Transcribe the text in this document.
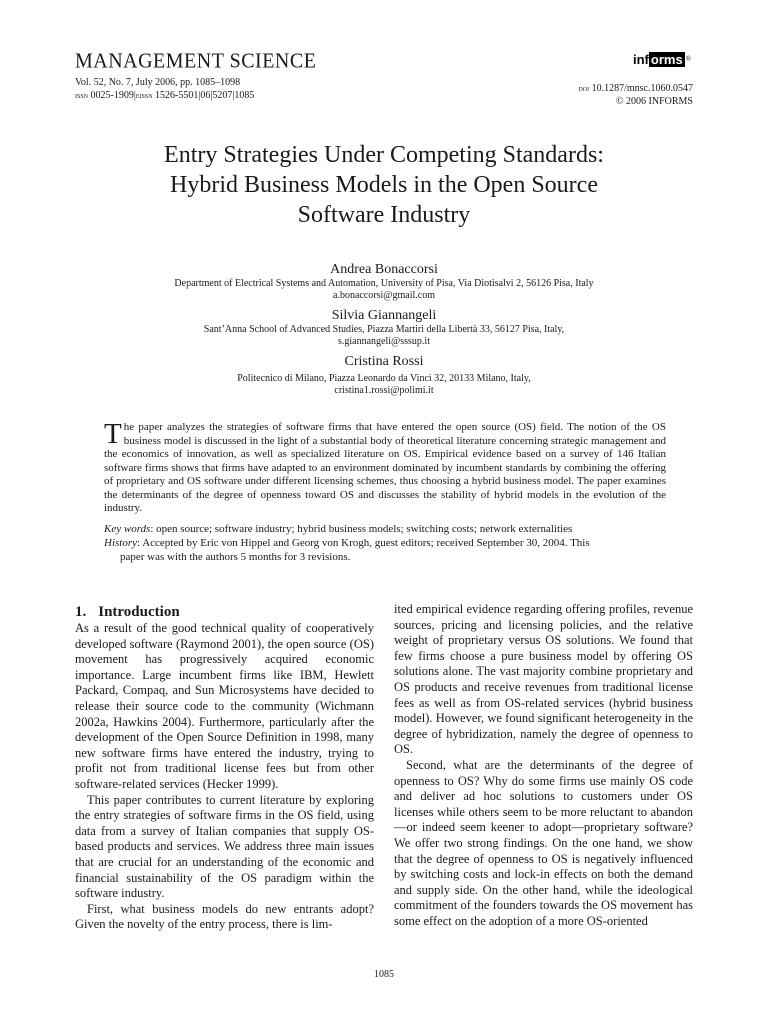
MANAGEMENT SCIENCE
Vol. 52, No. 7, July 2006, pp. 1085–1098
issn 0025-1909|eissn 1526-5501|06|5207|1085
inf orms ®
doi 10.1287/mnsc.1060.0547
© 2006 INFORMS
Entry Strategies Under Competing Standards:
Hybrid Business Models in the Open Source
Software Industry
Andrea Bonaccorsi
Department of Electrical Systems and Automation, University of Pisa, Via Diotisalvi 2, 56126 Pisa, Italy
a.bonaccorsi@gmail.com
Silvia Giannangeli
Sant’Anna School of Advanced Studies, Piazza Martiri della Libertà 33, 56127 Pisa, Italy,
s.giannangeli@sssup.it
Cristina Rossi
Politecnico di Milano, Piazza Leonardo da Vinci 32, 20133 Milano, Italy,
cristina1.rossi@polimi.it
The paper analyzes the strategies of software firms that have entered the open source (OS) field. The notion of the OS business model is discussed in the light of a substantial body of theoretical literature concerning strategic management and the economics of innovation, as well as specialized literature on OS. Empirical evidence based on a survey of 146 Italian software firms shows that firms have adapted to an environment dominated by incumbent standards by combining the offering of proprietary and OS software under different licensing schemes, thus choosing a hybrid business model. The paper examines the determinants of the degree of openness toward OS and discusses the stability of hybrid models in the evolution of the industry.
Key words: open source; software industry; hybrid business models; switching costs; network externalities
History: Accepted by Eric von Hippel and Georg von Krogh, guest editors; received September 30, 2004. This
paper was with the authors 5 months for 3 revisions.
1. Introduction

As a result of the good technical quality of cooperatively developed software (Raymond 2001), the open source (OS) movement has progressively acquired economic importance. Large incumbent firms like IBM, Hewlett Packard, Compaq, and Sun Microsystems have decided to release their source code to the community (Wichmann 2002a, Hawkins 2004). Furthermore, particularly after the development of the Open Source Definition in 1998, many new software firms have entered the industry, trying to profit not from traditional license fees but from other software-related services (Hecker 1999).

This paper contributes to current literature by exploring the entry strategies of software firms in the OS field, using data from a survey of Italian companies that supply OS-based products and services. We address three main issues that are crucial for an understanding of the economic and financial sustainability of the OS paradigm within the software industry.

First, what business models do new entrants adopt? Given the novelty of the entry process, there is lim-

ited empirical evidence regarding offering profiles, revenue sources, pricing and licensing policies, and the relative weight of proprietary versus OS solutions. We found that few firms choose a pure business model by offering OS solutions alone. The vast majority combine proprietary and OS products and receive revenues from traditional license fees as well as from OS-related services (hybrid business model). However, we found significant heterogeneity in the degree of hybridization, namely the degree of openness to OS.

Second, what are the determinants of the degree of openness to OS? Why do some firms use mainly OS code and deliver ad hoc solutions to customers under OS licenses while others seem to be more reluctant to abandon—or indeed seem keener to adopt—proprietary software? We offer two strong findings. On the one hand, we show that the degree of openness to OS is negatively influenced by switching costs and lock-in effects on both the demand and supply side. On the other hand, while the ideological commitment of the founders towards the OS movement has some effect on the adoption of a more OS-oriented

1085
